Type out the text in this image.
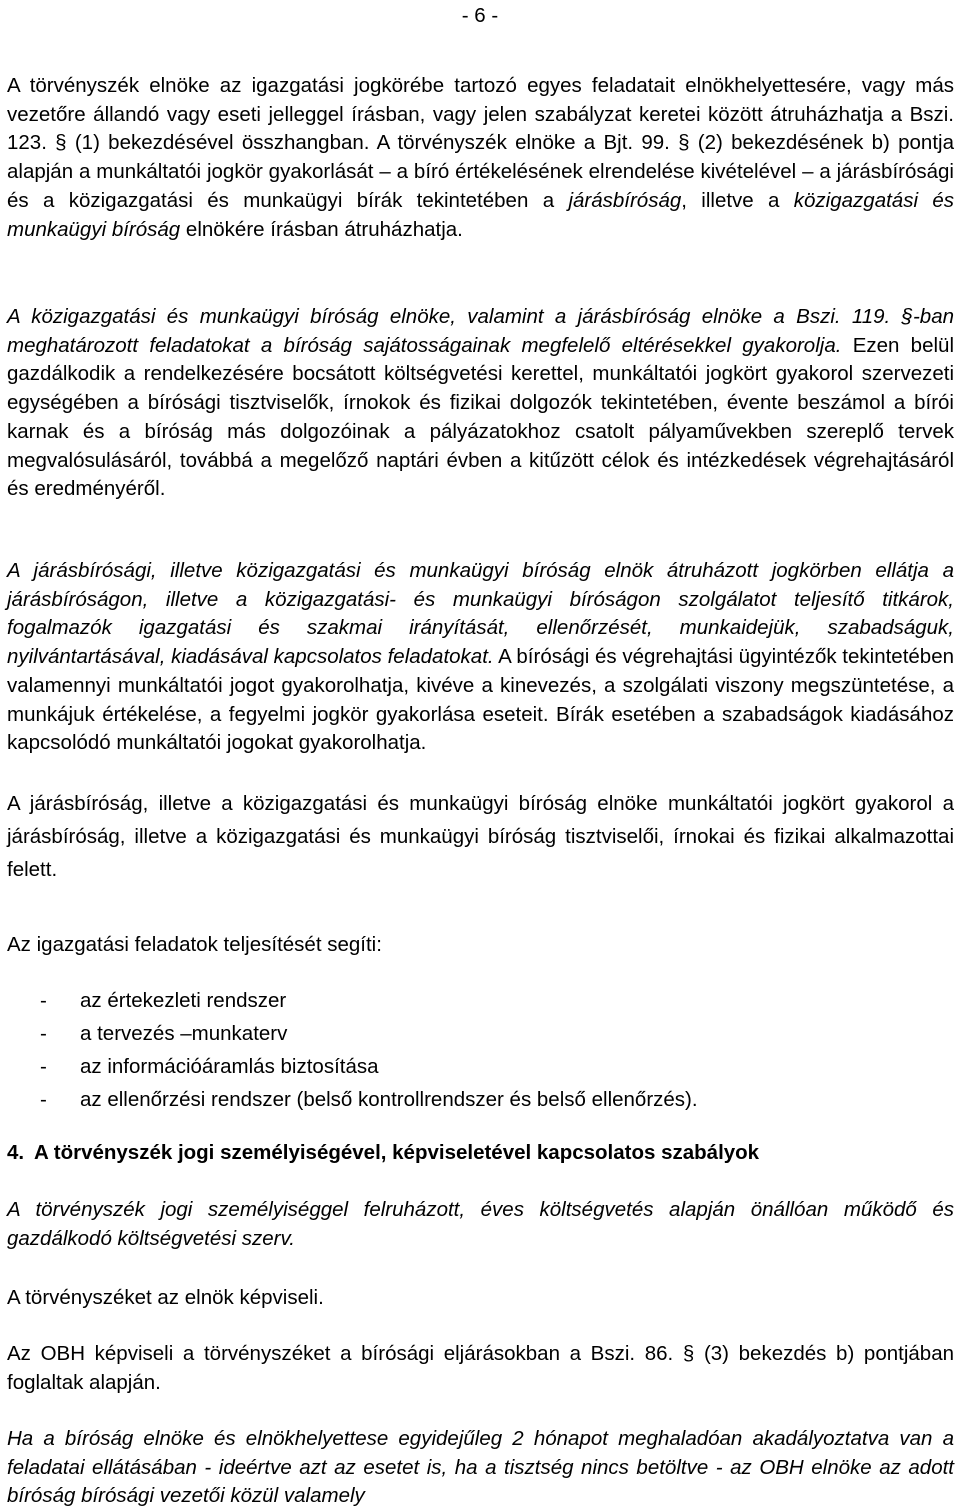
- 6 -

A törvényszék elnöke az igazgatási jogkörébe tartozó egyes feladatait elnökhelyettesére, vagy más vezetőre állandó vagy eseti jelleggel írásban, vagy jelen szabályzat keretei között átruházhatja a Bszi. 123. § (1) bekezdésével összhangban. A törvényszék elnöke a Bjt. 99. § (2) bekezdésének b) pontja alapján a munkáltatói jogkör gyakorlását – a bíró értékelésének elrendelése kivételével – a járásbírósági és a közigazgatási és munkaügyi bírák tekintetében a járásbíróság, illetve a közigazgatási és munkaügyi bíróság elnökére írásban átruházhatja.

A közigazgatási és munkaügyi bíróság elnöke, valamint a járásbíróság elnöke a Bszi. 119. §-ban meghatározott feladatokat a bíróság sajátosságainak megfelelő eltérésekkel gyakorolja. Ezen belül gazdálkodik a rendelkezésére bocsátott költségvetési kerettel, munkáltatói jogkört gyakorol szervezeti egységében a bírósági tisztviselők, írnokok és fizikai dolgozók tekintetében, évente beszámol a bírói karnak és a bíróság más dolgozóinak a pályázatokhoz csatolt pályaművekben szereplő tervek megvalósulásáról, továbbá a megelőző naptári évben a kitűzött célok és intézkedések végrehajtásáról és eredményéről.

A járásbírósági, illetve közigazgatási és munkaügyi bíróság elnök átruházott jogkörben ellátja a járásbíróságon, illetve a közigazgatási- és munkaügyi bíróságon szolgálatot teljesítő titkárok, fogalmazók igazgatási és szakmai irányítását, ellenőrzését, munkaidejük, szabadságuk, nyilvántartásával, kiadásával kapcsolatos feladatokat. A bírósági és végrehajtási ügyintézők tekintetében valamennyi munkáltatói jogot gyakorolhatja, kivéve a kinevezés, a szolgálati viszony megszüntetése, a munkájuk értékelése, a fegyelmi jogkör gyakorlása eseteit. Bírák esetében a szabadságok kiadásához kapcsolódó munkáltatói jogokat gyakorolhatja.

A járásbíróság, illetve a közigazgatási és munkaügyi bíróság elnöke munkáltatói jogkört gyakorol a járásbíróság, illetve a közigazgatási és munkaügyi bíróság tisztviselői, írnokai és fizikai alkalmazottai felett.

Az igazgatási feladatok teljesítését segíti:

- az értekezleti rendszer
- a tervezés –munkaterv
- az információáramlás biztosítása
- az ellenőrzési rendszer (belső kontrollrendszer és belső ellenőrzés).
4. A törvényszék jogi személyiségével, képviseletével kapcsolatos szabályok

A törvényszék jogi személyiséggel felruházott, éves költségvetés alapján önállóan működő és gazdálkodó költségvetési szerv.

A törvényszéket az elnök képviseli.

Az OBH képviseli a törvényszéket a bírósági eljárásokban a Bszi. 86. § (3) bekezdés b) pontjában foglaltak alapján.

Ha a bíróság elnöke és elnökhelyettese egyidejűleg 2 hónapot meghaladóan akadályoztatva van a feladatai ellátásában - ideértve azt az esetet is, ha a tisztség nincs betöltve - az OBH elnöke az adott bíróság bírósági vezetői közül valamely
